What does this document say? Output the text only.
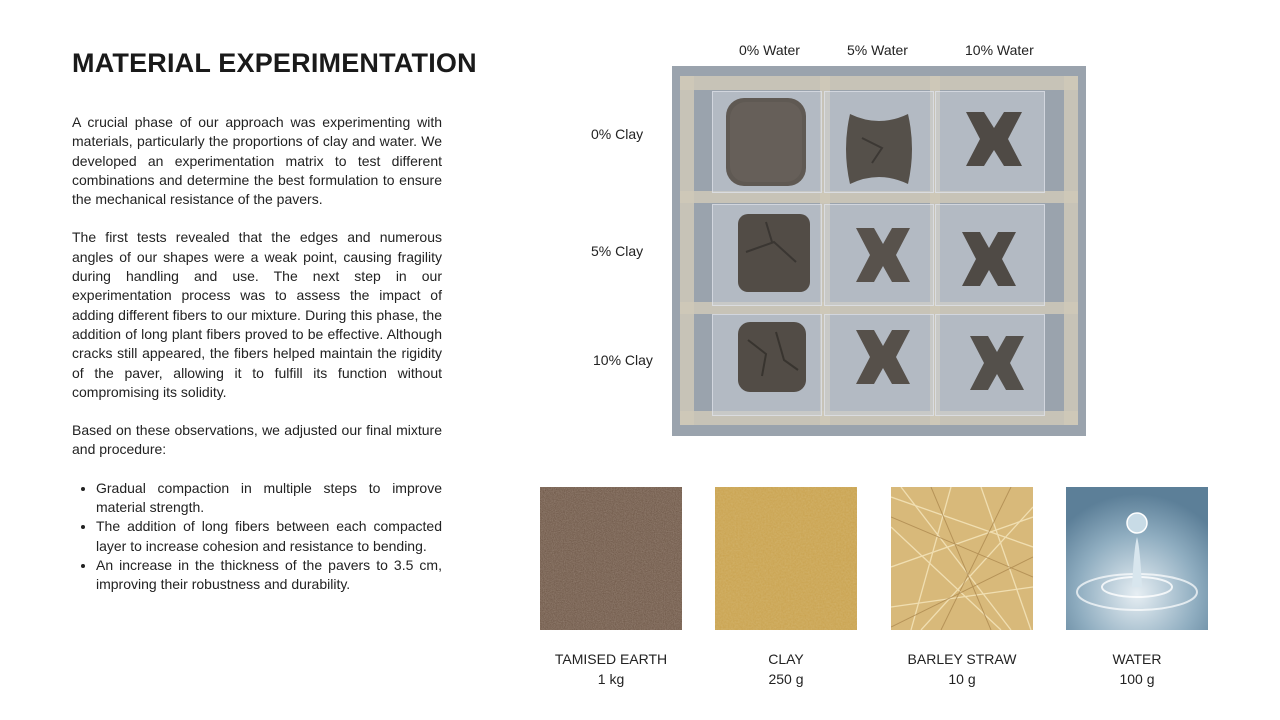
MATERIAL EXPERIMENTATION

A crucial phase of our approach was experimenting with materials, particularly the proportions of clay and water. We developed an experimentation matrix to test different combinations and determine the best formulation to ensure the mechanical resistance of the pavers.

The first tests revealed that the edges and numerous angles of our shapes were a weak point, causing fragility during handling and use. The next step in our experimentation process was to assess the impact of adding different fibers to our mixture. During this phase, the addition of long plant fibers proved to be effective. Although cracks still appeared, the fibers helped maintain the rigidity of the paver, allowing it to fulfill its function without compromising its solidity.

Based on these observations, we adjusted our final mixture and procedure:

• Gradual compaction in multiple steps to improve material strength.
• The addition of long fibers between each compacted layer to increase cohesion and resistance to bending.
• An increase in the thickness of the pavers to 3.5 cm, improving their robustness and durability.
0% Water	5% Water	10% Water
0% Clay
5% Clay
10% Clay
TAMISED EARTH
1 kg
CLAY
250 g
BARLEY STRAW
10 g
WATER
100 g
